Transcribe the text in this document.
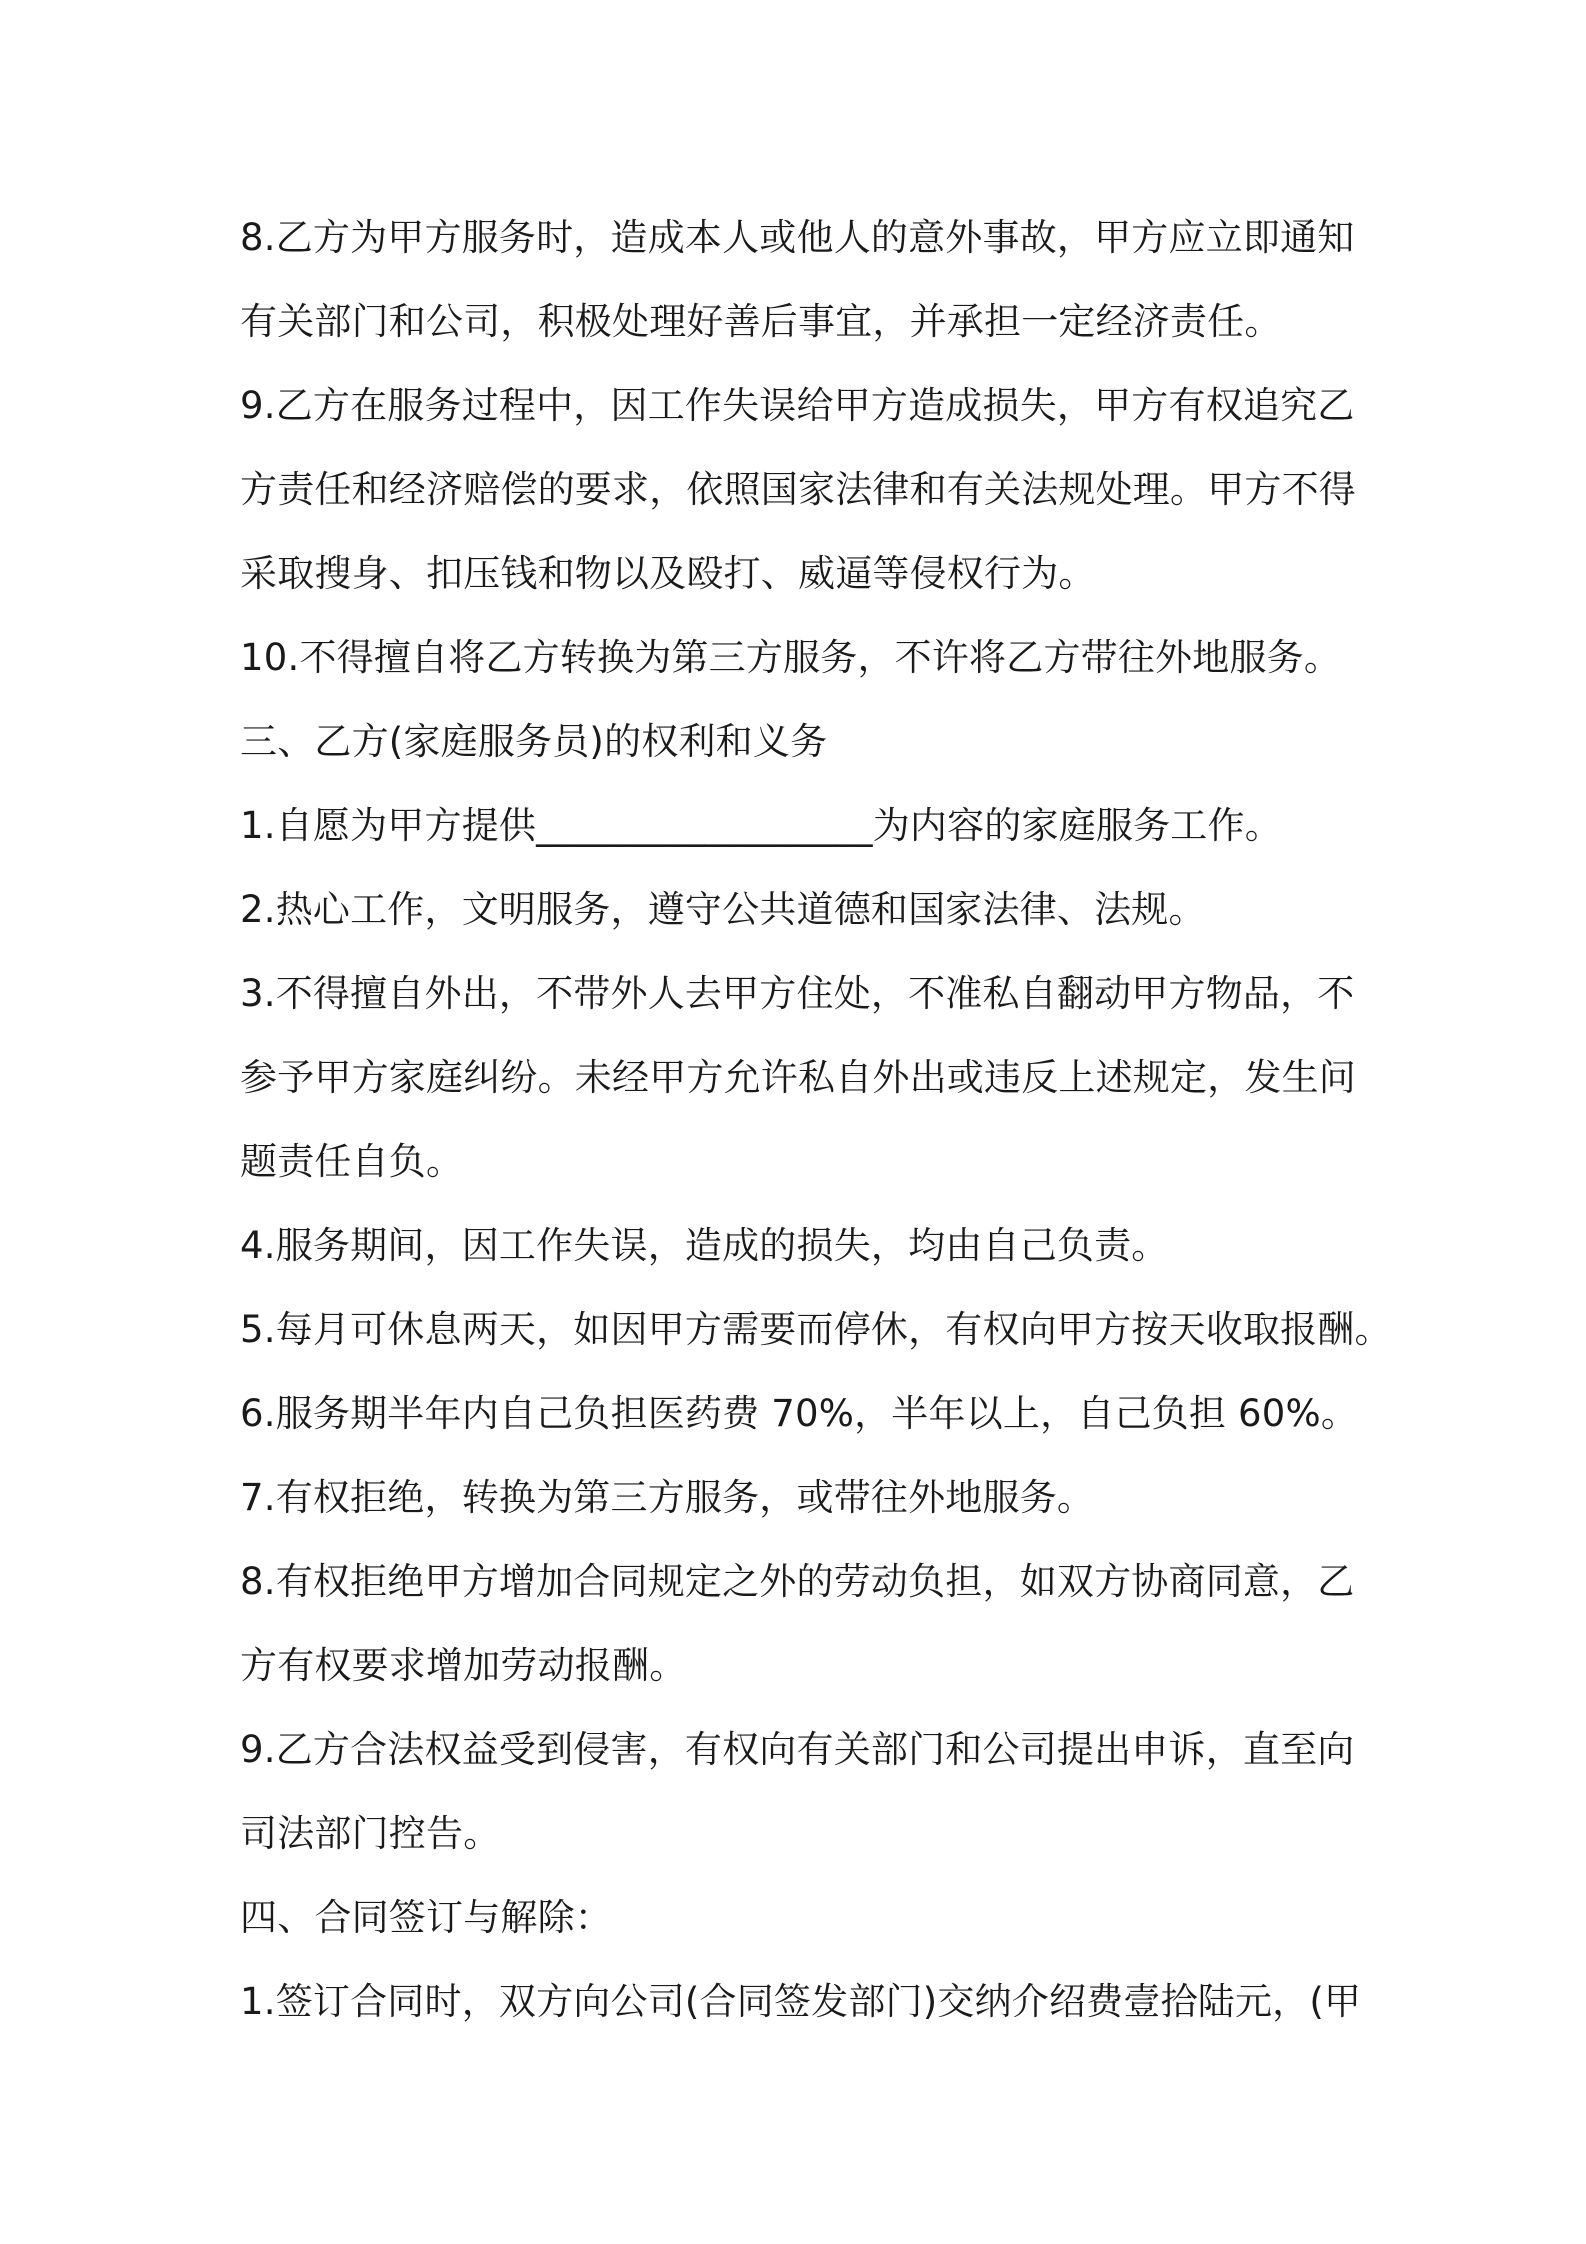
8.乙方为甲方服务时，造成本人或他人的意外事故，甲方应立即通知
有关部门和公司，积极处理好善后事宜，并承担一定经济责任。
9.乙方在服务过程中，因工作失误给甲方造成损失，甲方有权追究乙
方责任和经济赔偿的要求，依照国家法律和有关法规处理。甲方不得
采取搜身、扣压钱和物以及殴打、威逼等侵权行为。
10.不得擅自将乙方转换为第三方服务，不许将乙方带往外地服务。
三、乙方(家庭服务员)的权利和义务
1.自愿为甲方提供__________________为内容的家庭服务工作。
2.热心工作，文明服务，遵守公共道德和国家法律、法规。
3.不得擅自外出，不带外人去甲方住处，不准私自翻动甲方物品，不
参予甲方家庭纠纷。未经甲方允许私自外出或违反上述规定，发生问
题责任自负。
4.服务期间，因工作失误，造成的损失，均由自己负责。
5.每月可休息两天，如因甲方需要而停休，有权向甲方按天收取报酬。
6.服务期半年内自己负担医药费 70%，半年以上，自己负担 60%。
7.有权拒绝，转换为第三方服务，或带往外地服务。
8.有权拒绝甲方增加合同规定之外的劳动负担，如双方协商同意，乙
方有权要求增加劳动报酬。
9.乙方合法权益受到侵害，有权向有关部门和公司提出申诉，直至向
司法部门控告。
四、合同签订与解除：
1.签订合同时，双方向公司(合同签发部门)交纳介绍费壹拾陆元，(甲
